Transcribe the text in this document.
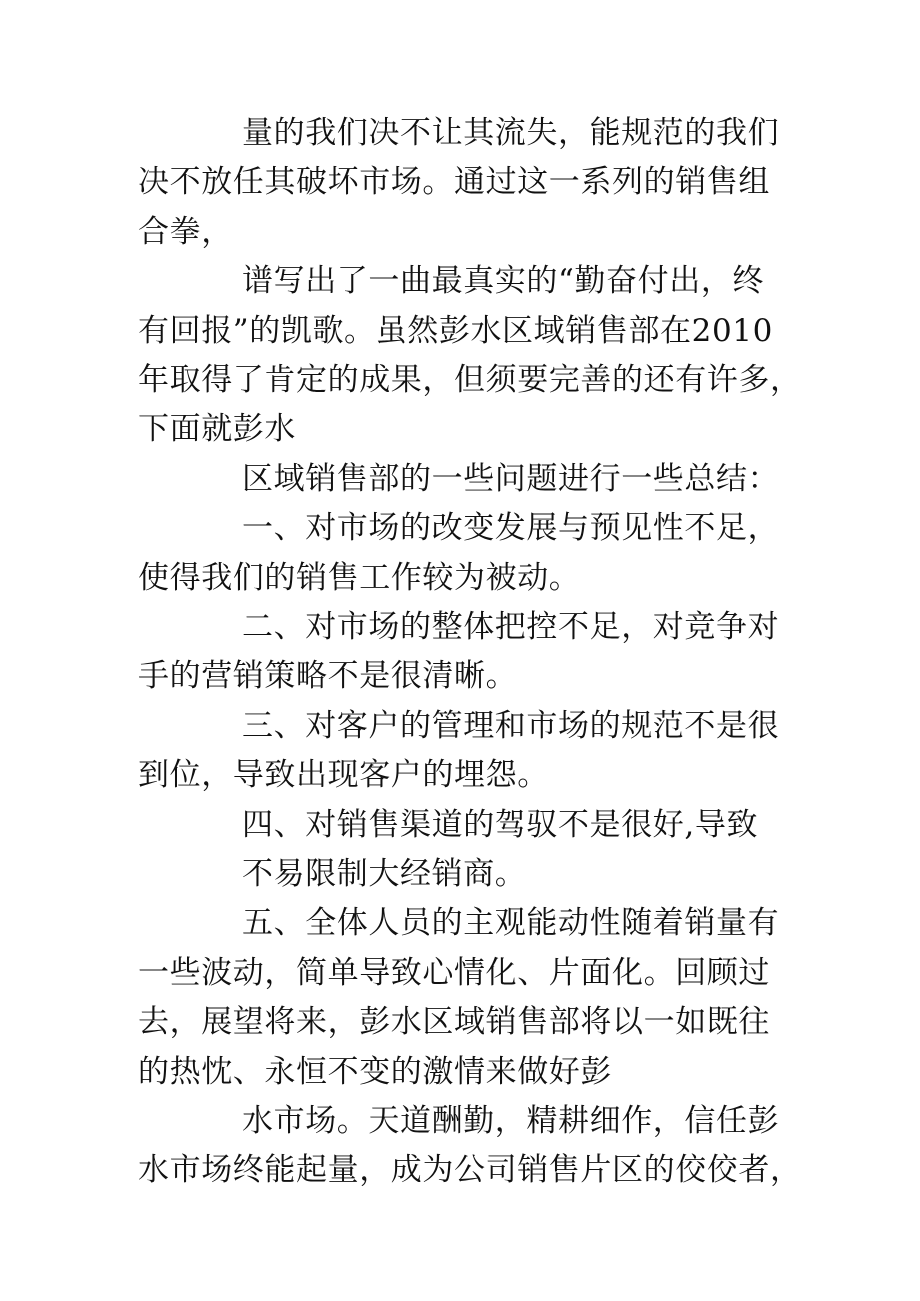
量的我们决不让其流失，能规范的我们
决不放任其破坏市场。通过这一系列的销售组
合拳，
谱写出了一曲最真实的“勤奋付出，终
有回报”的凯歌。虽然彭水区域销售部在2010
年取得了肯定的成果，但须要完善的还有许多，
下面就彭水
区域销售部的一些问题进行一些总结：
一、对市场的改变发展与预见性不足，
使得我们的销售工作较为被动。
二、对市场的整体把控不足，对竞争对
手的营销策略不是很清晰。
三、对客户的管理和市场的规范不是很
到位，导致出现客户的埋怨。
四、对销售渠道的驾驭不是很好,导致
不易限制大经销商。
五、全体人员的主观能动性随着销量有
一些波动，简单导致心情化、片面化。回顾过
去，展望将来，彭水区域销售部将以一如既往
的热忱、永恒不变的激情来做好彭
水市场。天道酬勤，精耕细作，信任彭
水市场终能起量，成为公司销售片区的佼佼者，
